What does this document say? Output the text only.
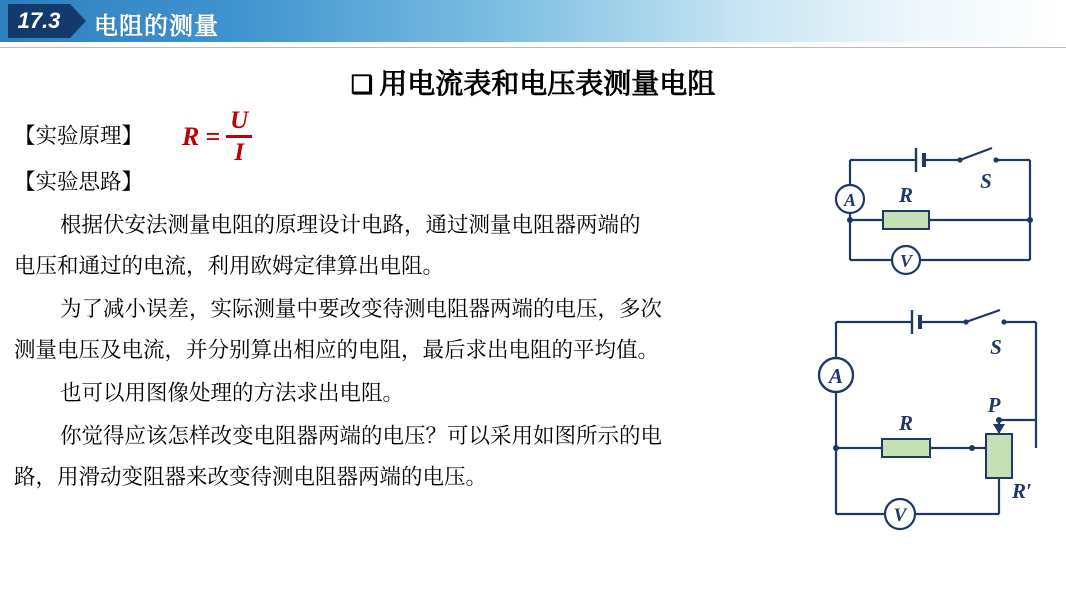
17.3	电阻的测量
❑ 用电流表和电压表测量电阻
【实验原理】 $R = \frac{U}{I}$
【实验思路】
根据伏安法测量电阻的原理设计电路，通过测量电阻器两端的
电压和通过的电流，利用欧姆定律算出电阻。
为了减小误差，实际测量中要改变待测电阻器两端的电压，多次
测量电压及电流，并分别算出相应的电阻，最后求出电阻的平均值。
也可以用图像处理的方法求出电阻。
你觉得应该怎样改变电阻器两端的电压？可以采用如图所示的电
路，用滑动变阻器来改变待测电阻器两端的电压。
A
V
R
S
A
V
R
P
R′
S
